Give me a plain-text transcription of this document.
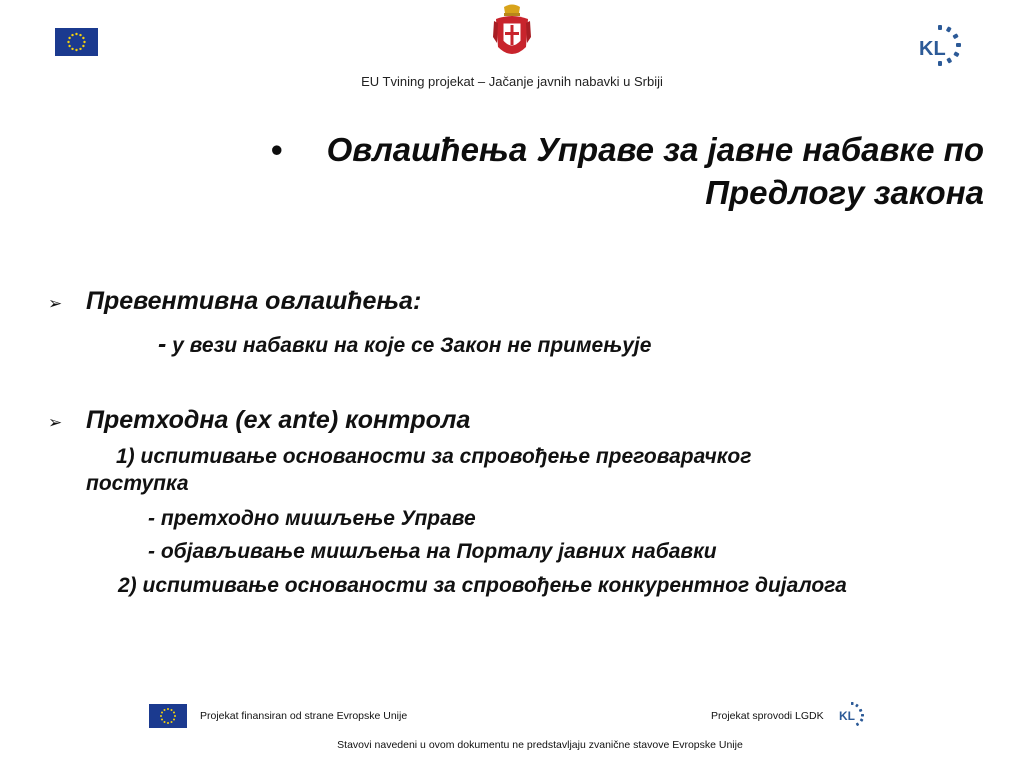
KL
EU Tvining projekat – Jačanje javnih nabavki u Srbiji
•	Овлашћења Управе за јавне набавке по
Предлогу закона
➢ Превентивна овлашћења:
- у вези набавки на које се Закон не примењује
➢ Претходна (ex ante) контрола
1) испитивање основаности за спровођење преговарачког
поступка
- претходно мишљење Управе
- објављивање мишљења на Порталу јавних набавки
2) испитивање основаности за спровођење конкурентног дијалога
Projekat finansiran od strane Evropske Unije	Projekat sprovodi LGDK KL
Stavovi navedeni u ovom dokumentu ne predstavljaju zvanične stavove Evropske Unije
